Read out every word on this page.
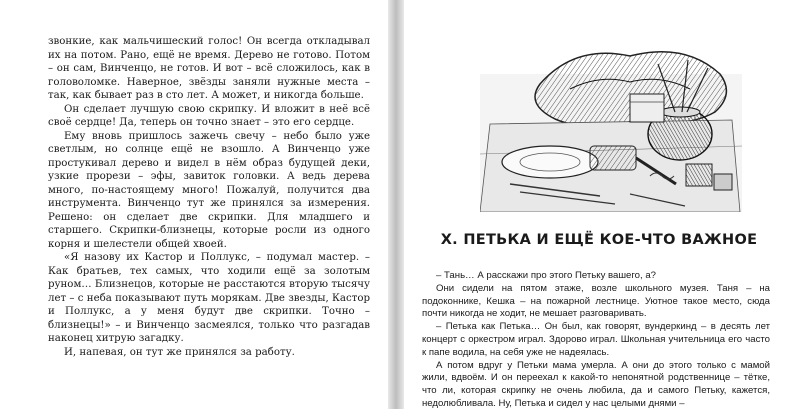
звонкие, как мальчишеский голос! Он всегда откладывал их на потом. Рано, ещё не время. Дерево не готово. Потом – он сам, Винченцо, не готов. И вот – всё сложилось, как в головоломке. Наверное, звёзды заняли нужные места – так, как бывает раз в сто лет. А может, и никогда больше.

Он сделает лучшую свою скрипку. И вложит в неё всё своё сердце! Да, теперь он точно знает – это его сердце.

Ему вновь пришлось зажечь свечу – небо было уже светлым, но солнце ещё не взошло. А Винченцо уже простукивал дерево и видел в нём образ будущей деки, узкие прорези – эфы, завиток головки. А ведь дерева много, по-настоящему много! Пожалуй, получится два инструмента. Винченцо тут же принялся за измерения. Решено: он сделает две скрипки. Для младшего и старшего. Скрипки-близнецы, которые росли из одного корня и шелестели общей хвоей.

«Я назову их Кастор и Поллукс, – подумал мастер. – Как братьев, тех самых, что ходили ещё за золотым руном… Близнецов, которые не расстаются вторую тысячу лет – с неба показывают путь морякам. Две звезды, Кастор и Поллукс, а у меня будут две скрипки. Точно – близнецы!» – и Винченцо засмеялся, только что разгадав наконец хитрую загадку.

И, напевая, он тут же принялся за работу.

X. ПЕТЬКА И ЕЩЁ КОЕ-ЧТО ВАЖНОЕ

– Тань… А расскажи про этого Петьку вашего, а?

Они сидели на пятом этаже, возле школьного музея. Таня – на подоконнике, Кешка – на пожарной лестнице. Уютное такое место, сюда почти никогда не ходит, не мешает разговаривать.

– Петька как Петька… Он был, как говорят, вундеркинд – в десять лет концерт с оркестром играл. Здорово играл. Школьная учительница его часто к папе водила, на себя уже не надеялась.

А потом вдруг у Петьки мама умерла. А они до этого только с мамой жили, вдвоём. И он переехал к какой-то непонятной родственнице – тётке, что ли, которая скрипку не очень любила, да и самого Петьку, кажется, недолюбливала. Ну, Петька и сидел у нас целыми днями –
